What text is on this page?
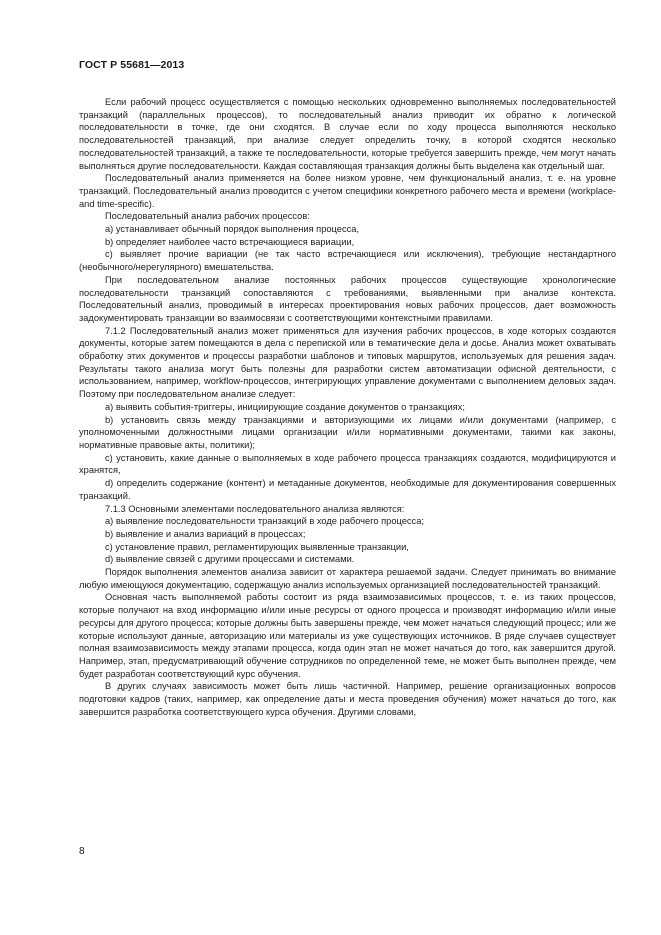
ГОСТ Р 55681—2013

Если рабочий процесс осуществляется с помощью нескольких одновременно выполняемых последовательностей транзакций (параллельных процессов), то последовательный анализ приводит их обратно к логической последовательности в точке, где они сходятся. В случае если по ходу процесса выполняются несколько последовательностей транзакций, при анализе следует определить точку, в которой сходятся несколько последовательностей транзакций, а также те последовательности, которые требуется завершить прежде, чем могут начать выполняться другие последовательности. Каждая составляющая транзакция должны быть выделена как отдельный шаг.

Последовательный анализ применяется на более низком уровне, чем функциональный анализ, т. е. на уровне транзакций. Последовательный анализ проводится с учетом специфики конкретного рабочего места и времени (workplace-and time-specific).

Последовательный анализ рабочих процессов:

а) устанавливает обычный порядок выполнения процесса,

b) определяет наиболее часто встречающиеся вариации,

с) выявляет прочие вариации (не так часто встречающиеся или исключения), требующие нестандартного (необычного/нерегулярного) вмешательства.

При последовательном анализе постоянных рабочих процессов существующие хронологические последовательности транзакций сопоставляются с требованиями, выявленными при анализе контекста. Последовательный анализ, проводимый в интересах проектирования новых рабочих процессов, дает возможность задокументировать транзакции во взаимосвязи с соответствующими контекстными правилами.

7.1.2 Последовательный анализ может применяться для изучения рабочих процессов, в ходе которых создаются документы, которые затем помещаются в дела с перепиской или в тематические дела и досье. Анализ может охватывать обработку этих документов и процессы разработки шаблонов и типовых маршрутов, используемых для решения задач. Результаты такого анализа могут быть полезны для разработки систем автоматизации офисной деятельности, с использованием, например, workflow-процессов, интегрирующих управление документами с выполнением деловых задач. Поэтому при последовательном анализе следует:

а) выявить события-триггеры, инициирующие создание документов о транзакциях;

b) установить связь между транзакциями и авторизующими их лицами и/или документами (например, с уполномоченными должностными лицами организации и/или нормативными документами, такими как законы, нормативные правовые акты, политики);

с) установить, какие данные о выполняемых в ходе рабочего процесса транзакциях создаются, модифицируются и хранятся,

d) определить содержание (контент) и метаданные документов, необходимые для документирования совершенных транзакций.

7.1.3 Основными элементами последовательного анализа являются:

а) выявление последовательности транзакций в ходе рабочего процесса;

b) выявление и анализ вариаций в процессах;

с) установление правил, регламентирующих выявленные транзакции,

d) выявление связей с другими процессами и системами.

Порядок выполнения элементов анализа зависит от характера решаемой задачи. Следует принимать во внимание любую имеющуюся документацию, содержащую анализ используемых организацией последовательностей транзакций.

Основная часть выполняемой работы состоит из ряда взаимозависимых процессов, т. е. из таких процессов, которые получают на вход информацию и/или иные ресурсы от одного процесса и производят информацию и/или иные ресурсы для другого процесса; которые должны быть завершены прежде, чем может начаться следующий процесс; или же которые используют данные, авторизацию или материалы из уже существующих источников. В ряде случаев существует полная взаимозависимость между этапами процесса, когда один этап не может начаться до того, как завершится другой. Например, этап, предусматривающий обучение сотрудников по определенной теме, не может быть выполнен прежде, чем будет разработан соответствующий курс обучения.

В других случаях зависимость может быть лишь частичной. Например, решение организационных вопросов подготовки кадров (таких, например, как определение даты и места проведения обучения) может начаться до того, как завершится разработка соответствующего курса обучения. Другими словами,

8
